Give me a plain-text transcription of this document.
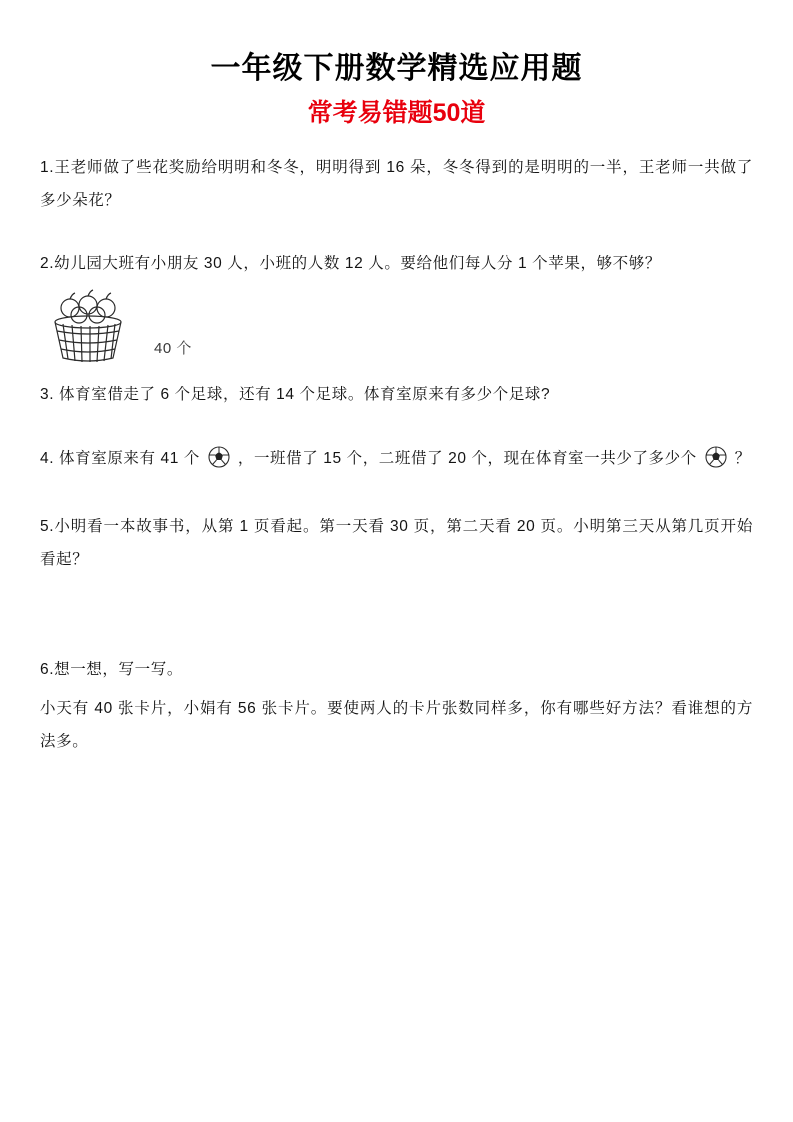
一年级下册数学精选应用题
常考易错题50道

1.王老师做了些花奖励给明明和冬冬，明明得到 16 朵，冬冬得到的是明明的一半，王老师一共做了多少朵花？

2.幼儿园大班有小朋友 30 人，小班的人数 12 人。要给他们每人分 1 个苹果，够不够？

40 个

3. 体育室借走了 6 个足球，还有 14 个足球。体育室原来有多少个足球?

4. 体育室原来有 41 个 ，一班借了 15 个，二班借了 20 个，现在体育室一共少了多少个 ？

5.小明看一本故事书，从第 1 页看起。第一天看 30 页，第二天看 20 页。小明第三天从第几页开始看起？

6.想一想，写一写。

小天有 40 张卡片，小娟有 56 张卡片。要使两人的卡片张数同样多，你有哪些好方法？看谁想的方法多。
